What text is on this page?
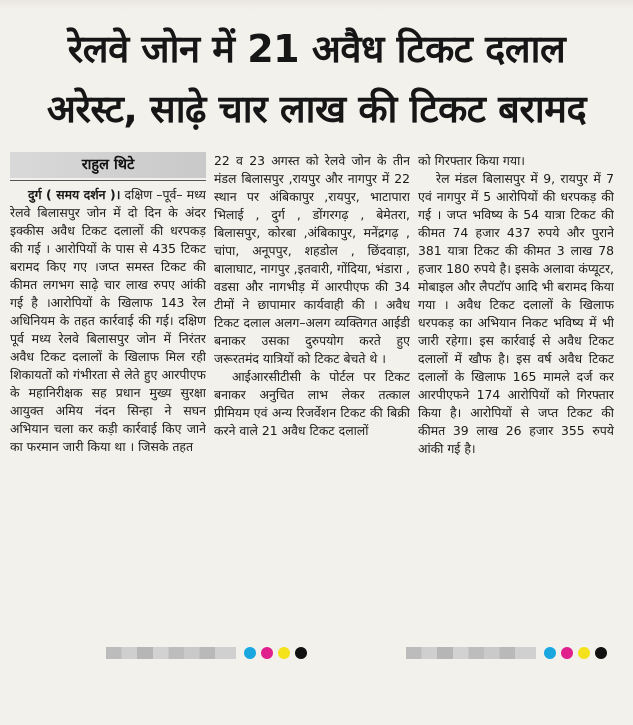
रेलवे जोन में 21 अवैध टिकट दलाल
अरेस्ट, साढ़े चार लाख की टिकट बरामद
राहुल थिटे

दुर्ग ( समय दर्शन )। दक्षिण –पूर्व– मध्य रेलवे बिलासपुर जोन में दो दिन के अंदर इक्कीस अवैध टिकट दलालों की धरपकड़ की गई । आरोपियों के पास से 435 टिकट बरामद किए गए ।जप्त समस्त टिकट की कीमत लगभग साढ़े चार लाख रुपए आंकी गई है ।आरोपियों के खिलाफ 143 रेल अधिनियम के तहत कार्रवाई की गई। दक्षिण पूर्व मध्य रेलवे बिलासपुर जोन में निरंतर अवैध टिकट दलालों के खिलाफ मिल रही शिकायतों को गंभीरता से लेते हुए आरपीएफ के महानिरीक्षक सह प्रधान मुख्य सुरक्षा आयुक्त अमिय नंदन सिन्हा ने सघन अभियान चला कर कड़ी कार्रवाई किए जाने का फरमान जारी किया था । जिसके तहत

22 व 23 अगस्त को रेलवे जोन के तीन मंडल बिलासपुर ,रायपुर और नागपुर में 22 स्थान पर अंबिकापुर ,रायपुर, भाटापारा भिलाई , दुर्ग , डोंगरगढ़ , बेमेतरा, बिलासपुर, कोरबा ,अंबिकापुर, मनेंद्रगढ़ , चांपा, अनूपपुर, शहडोल , छिंदवाड़ा, बालाघाट, नागपुर ,इतवारी, गोंदिया, भंडारा , वडसा और नागभीड़ में आरपीएफ की 34 टीमों ने छापामार कार्यवाही की । अवैध टिकट दलाल अलग–अलग व्यक्तिगत आईडी बनाकर उसका दुरुपयोग करते हुए जरूरतमंद यात्रियों को टिकट बेचते थे ।

आईआरसीटीसी के पोर्टल पर टिकट बनाकर अनुचित लाभ लेकर तत्काल प्रीमियम एवं अन्य रिजर्वेशन टिकट की बिक्री करने वाले 21 अवैध टिकट दलालों

को गिरफ्तार किया गया।

रेल मंडल बिलासपुर में 9, रायपुर में 7 एवं नागपुर में 5 आरोपियों की धरपकड़ की गई । जप्त भविष्य के 54 यात्रा टिकट की कीमत 74 हजार 437 रुपये और पुराने 381 यात्रा टिकट की कीमत 3 लाख 78 हजार 180 रुपये है। इसके अलावा कंप्यूटर, मोबाइल और लैपटॉप आदि भी बरामद किया गया । अवैध टिकट दलालों के खिलाफ धरपकड़ का अभियान निकट भविष्य में भी जारी रहेगा। इस कार्रवाई से अवैध टिकट दलालों में खौफ है। इस वर्ष अवैध टिकट दलालों के खिलाफ 165 मामले दर्ज कर आरपीएफने 174 आरोपियों को गिरफ्तार किया है। आरोपियों से जप्त टिकट की कीमत 39 लाख 26 हजार 355 रुपये आंकी गई है।
